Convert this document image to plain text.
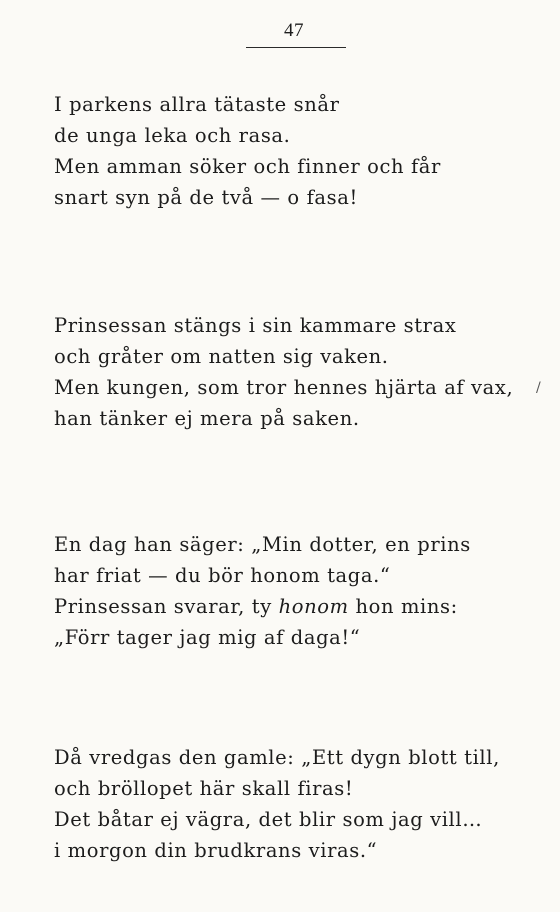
47
I parkens allra tätaste snår
de unga leka och rasa.
Men amman söker och finner och får
snart syn på de två — o fasa!
Prinsessan stängs i sin kammare strax
och gråter om natten sig vaken.
Men kungen, som tror hennes hjärta af vax,
han tänker ej mera på saken.
/
En dag han säger: „Min dotter, en prins
har friat — du bör honom taga.“
Prinsessan svarar, ty honom hon mins:
„Förr tager jag mig af daga!“
Då vredgas den gamle: „Ett dygn blott till,
och bröllopet här skall firas!
Det båtar ej vägra, det blir som jag vill…
i morgon din brudkrans viras.“
